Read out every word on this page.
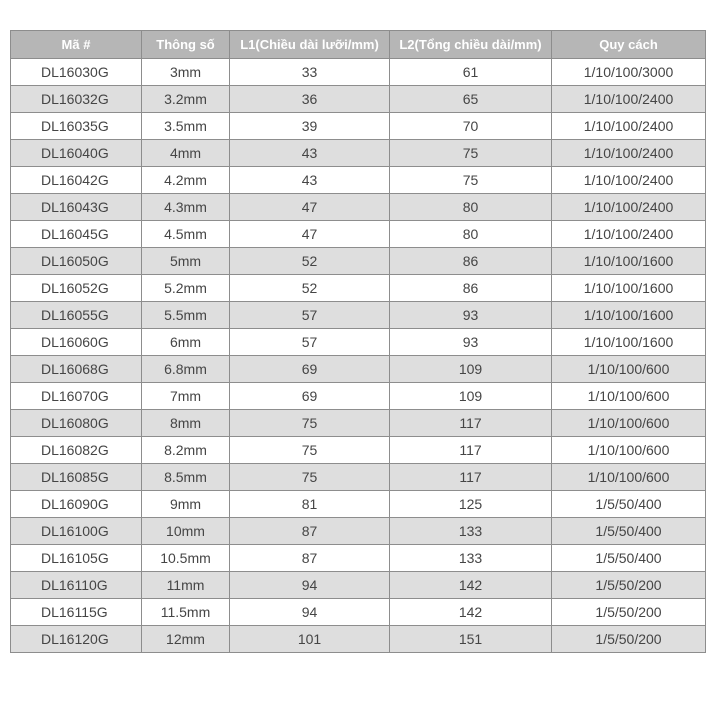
Mã #	Thông số	L1(Chiều dài lưỡi/mm)	L2(Tổng chiều dài/mm)	Quy cách
DL16030G	3mm	33	61	1/10/100/3000
DL16032G	3.2mm	36	65	1/10/100/2400
DL16035G	3.5mm	39	70	1/10/100/2400
DL16040G	4mm	43	75	1/10/100/2400
DL16042G	4.2mm	43	75	1/10/100/2400
DL16043G	4.3mm	47	80	1/10/100/2400
DL16045G	4.5mm	47	80	1/10/100/2400
DL16050G	5mm	52	86	1/10/100/1600
DL16052G	5.2mm	52	86	1/10/100/1600
DL16055G	5.5mm	57	93	1/10/100/1600
DL16060G	6mm	57	93	1/10/100/1600
DL16068G	6.8mm	69	109	1/10/100/600
DL16070G	7mm	69	109	1/10/100/600
DL16080G	8mm	75	117	1/10/100/600
DL16082G	8.2mm	75	117	1/10/100/600
DL16085G	8.5mm	75	117	1/10/100/600
DL16090G	9mm	81	125	1/5/50/400
DL16100G	10mm	87	133	1/5/50/400
DL16105G	10.5mm	87	133	1/5/50/400
DL16110G	11mm	94	142	1/5/50/200
DL16115G	11.5mm	94	142	1/5/50/200
DL16120G	12mm	101	151	1/5/50/200
